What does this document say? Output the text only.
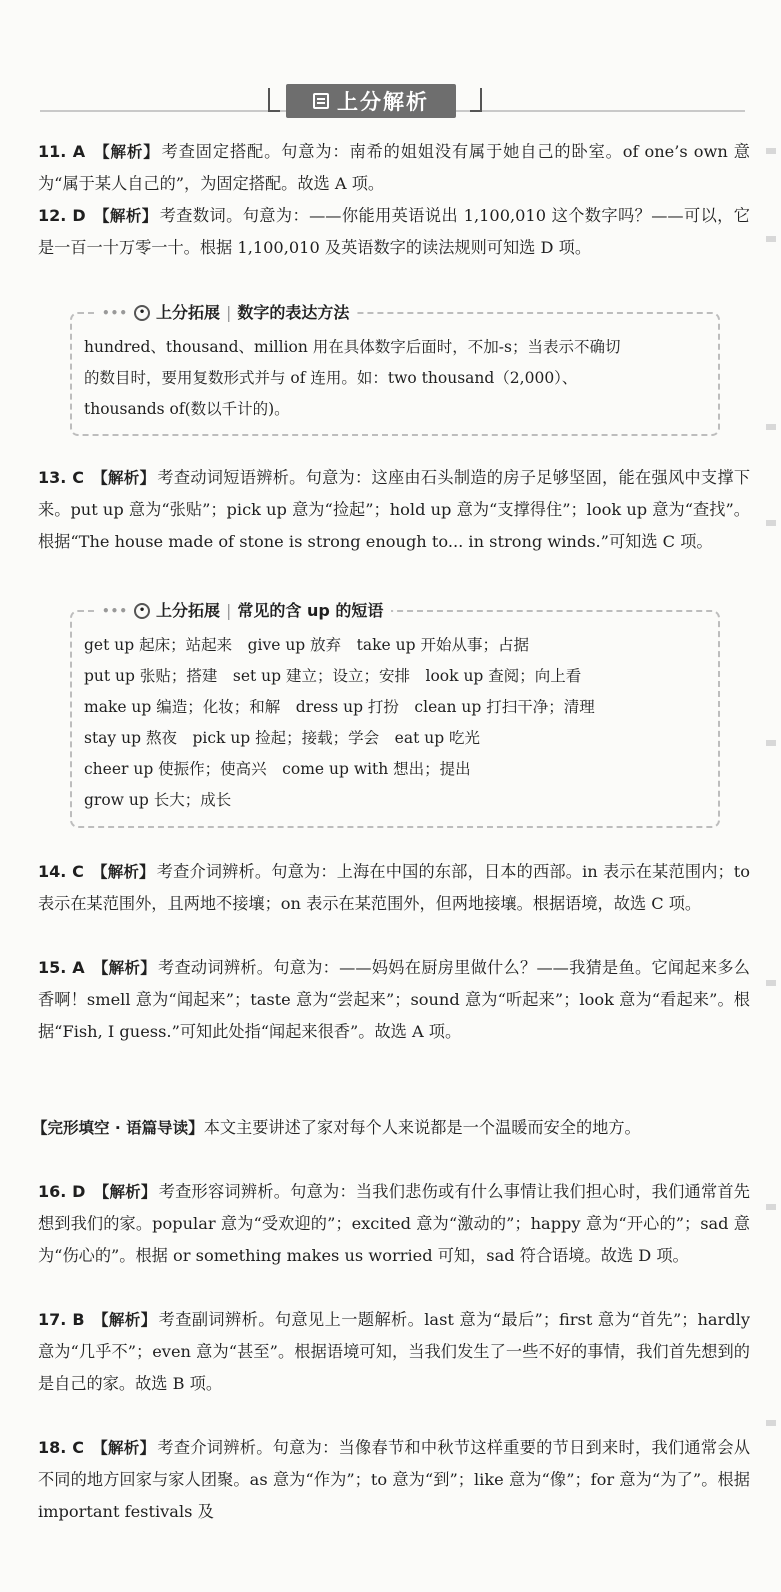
上分解析
11. A 【解析】 考查固定搭配。句意为：南希的姐姐没有属于她自己的卧室。of one’s own 意为“属于某人自己的”，为固定搭配。故选 A 项。
12. D 【解析】 考查数词。句意为：——你能用英语说出 1,100,010 这个数字吗？——可以，它是一百一十万零一十。根据 1,100,010 及英语数字的读法规则可知选 D 项。
•••	• 上分拓展 | 数字的表达方法
hundred、thousand、million 用在具体数字后面时，不加-s；当表示不确切
的数目时，要用复数形式并与 of 连用。如：two thousand（2,000）、
thousands of(数以千计的)。
13. C 【解析】 考查动词短语辨析。句意为：这座由石头制造的房子足够坚固，能在强风中支撑下来。put up 意为“张贴”；pick up 意为“捡起”；hold up 意为“支撑得住”；look up 意为“查找”。根据“The house made of stone is strong enough to... in strong winds.”可知选 C 项。
•••	• 上分拓展 | 常见的含 up 的短语
get up 起床；站起来　give up 放弃　take up 开始从事；占据
put up 张贴；搭建　set up 建立；设立；安排　look up 查阅；向上看
make up 编造；化妆；和解　dress up 打扮　clean up 打扫干净；清理
stay up 熬夜　pick up 捡起；接载；学会　eat up 吃光
cheer up 使振作；使高兴　come up with 想出；提出
grow up 长大；成长
14. C 【解析】 考查介词辨析。句意为：上海在中国的东部，日本的西部。in 表示在某范围内；to 表示在某范围外，且两地不接壤；on 表示在某范围外，但两地接壤。根据语境，故选 C 项。
15. A 【解析】 考查动词辨析。句意为：——妈妈在厨房里做什么？——我猜是鱼。它闻起来多么香啊！smell 意为“闻起来”；taste 意为“尝起来”；sound 意为“听起来”；look 意为“看起来”。根据“Fish, I guess.”可知此处指“闻起来很香”。故选 A 项。
【完形填空 · 语篇导读】本文主要讲述了家对每个人来说都是一个温暖而安全的地方。
16. D 【解析】 考查形容词辨析。句意为：当我们悲伤或有什么事情让我们担心时，我们通常首先想到我们的家。popular 意为“受欢迎的”；excited 意为“激动的”；happy 意为“开心的”；sad 意为“伤心的”。根据 or something makes us worried 可知，sad 符合语境。故选 D 项。
17. B 【解析】 考查副词辨析。句意见上一题解析。last 意为“最后”；first 意为“首先”；hardly 意为“几乎不”；even 意为“甚至”。根据语境可知，当我们发生了一些不好的事情，我们首先想到的是自己的家。故选 B 项。
18. C 【解析】 考查介词辨析。句意为：当像春节和中秋节这样重要的节日到来时，我们通常会从不同的地方回家与家人团聚。as 意为“作为”；to 意为“到”；like 意为“像”；for 意为“为了”。根据 important festivals 及
